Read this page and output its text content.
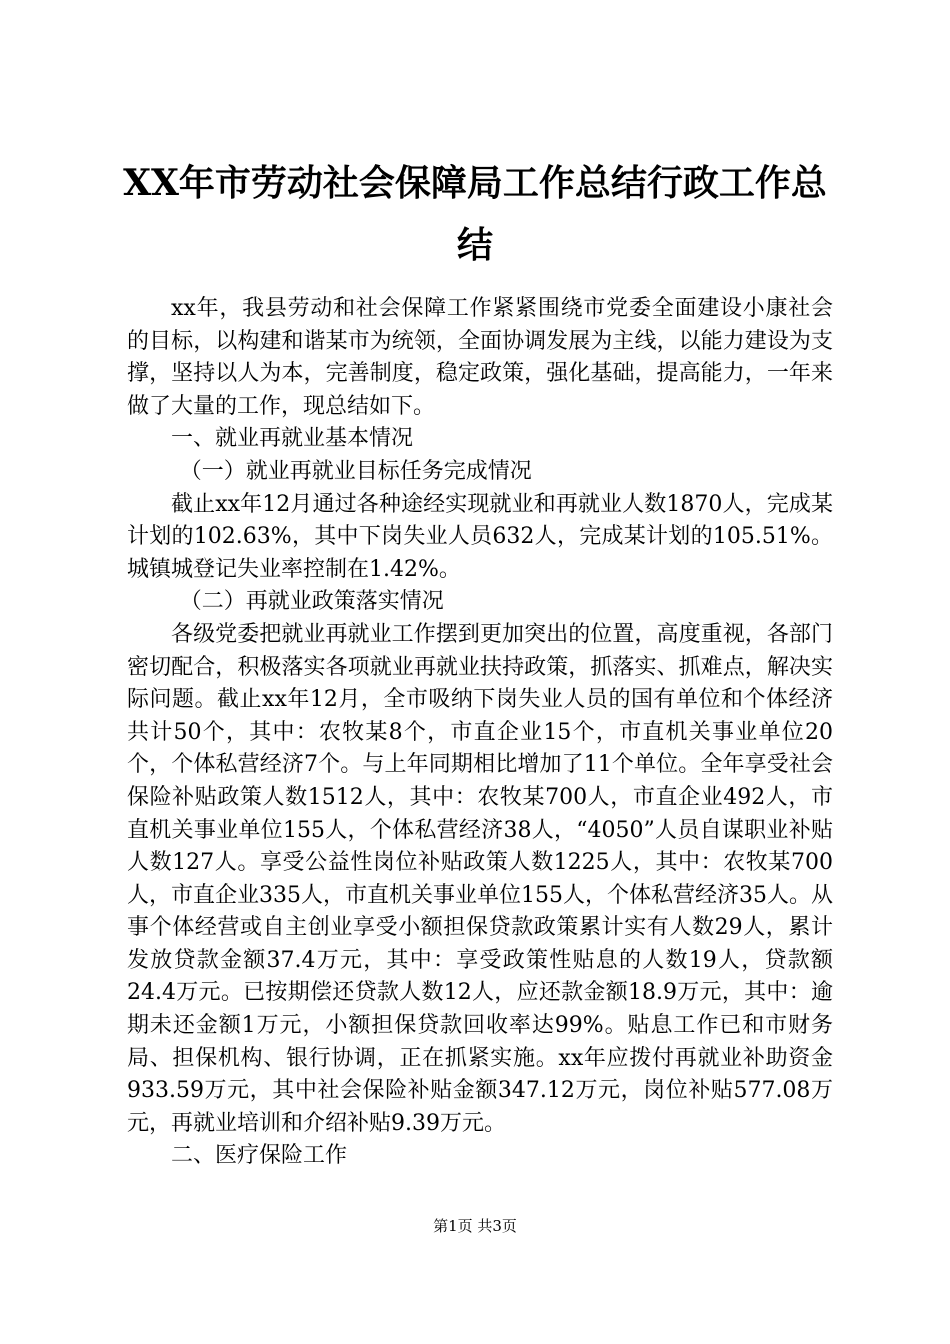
XX年市劳动社会保障局工作总结行政工作总
结

xx年，我县劳动和社会保障工作紧紧围绕市党委全面建设小康社会的目标，以构建和谐某市为统领，全面协调发展为主线，以能力建设为支撑，坚持以人为本，完善制度，稳定政策，强化基础，提高能力，一年来做了大量的工作，现总结如下。

一、就业再就业基本情况

（一）就业再就业目标任务完成情况

截止xx年12月通过各种途经实现就业和再就业人数1870人，完成某计划的102.63%，其中下岗失业人员632人，完成某计划的105.51%。城镇城登记失业率控制在1.42%。

（二）再就业政策落实情况

各级党委把就业再就业工作摆到更加突出的位置，高度重视，各部门密切配合，积极落实各项就业再就业扶持政策，抓落实、抓难点，解决实际问题。截止xx年12月，全市吸纳下岗失业人员的国有单位和个体经济共计50个，其中：农牧某8个，市直企业15个，市直机关事业单位20个，个体私营经济7个。与上年同期相比增加了11个单位。全年享受社会保险补贴政策人数1512人，其中：农牧某700人，市直企业492人，市直机关事业单位155人，个体私营经济38人，“4050”人员自谋职业补贴人数127人。享受公益性岗位补贴政策人数1225人，其中：农牧某700人，市直企业335人，市直机关事业单位155人，个体私营经济35人。从事个体经营或自主创业享受小额担保贷款政策累计实有人数29人，累计发放贷款金额37.4万元，其中：享受政策性贴息的人数19人，贷款额24.4万元。已按期偿还贷款人数12人，应还款金额18.9万元，其中：逾期未还金额1万元，小额担保贷款回收率达99%。贴息工作已和市财务局、担保机构、银行协调，正在抓紧实施。xx年应拨付再就业补助资金933.59万元，其中社会保险补贴金额347.12万元，岗位补贴577.08万元，再就业培训和介绍补贴9.39万元。

二、医疗保险工作

第1页 共3页
